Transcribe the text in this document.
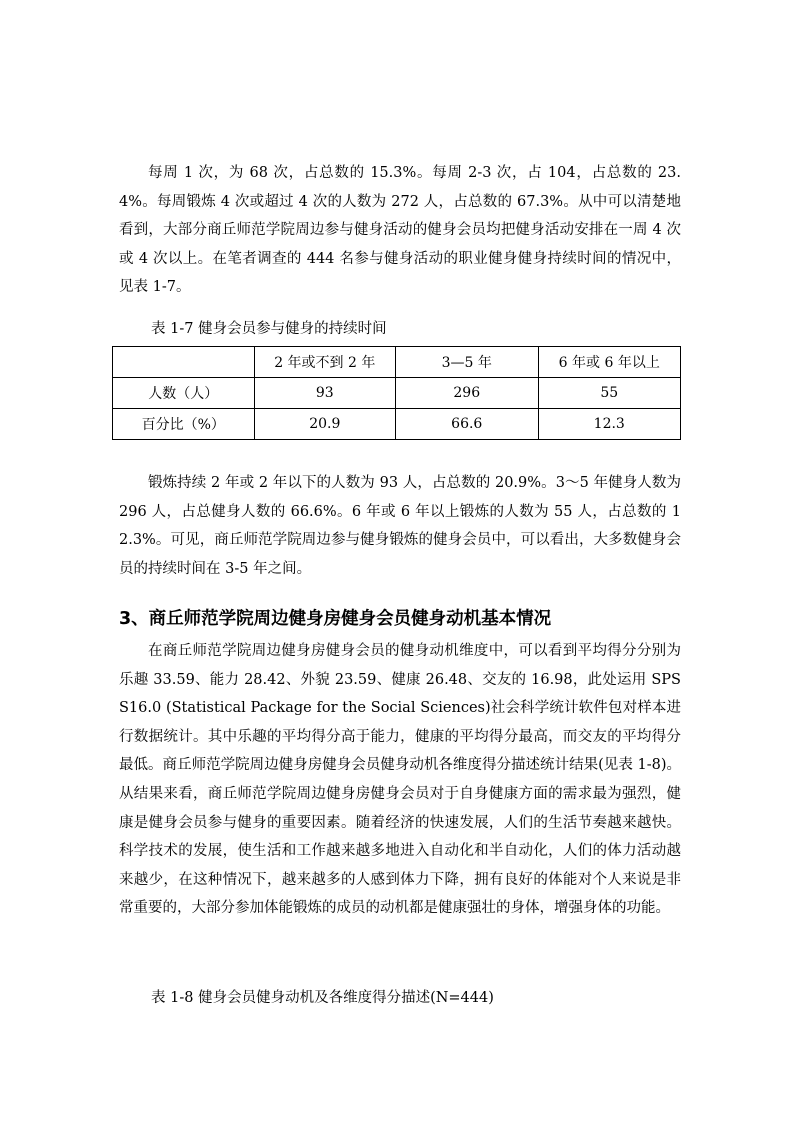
每周 1 次，为 68 次，占总数的 15.3%。每周 2-3 次，占 104，占总数的 23.4%。每周锻炼 4 次或超过 4 次的人数为 272 人，占总数的 67.3%。从中可以清楚地看到，大部分商丘师范学院周边参与健身活动的健身会员均把健身活动安排在一周 4 次或 4 次以上。在笔者调查的 444 名参与健身活动的职业健身健身持续时间的情况中，见表 1-7。

表 1-7 健身会员参与健身的持续时间
	2 年或不到 2 年	3—5 年	6 年或 6 年以上
人数（人）	93	296	55
百分比（%）	20.9	66.6	12.3

锻炼持续 2 年或 2 年以下的人数为 93 人，占总数的 20.9%。3～5 年健身人数为 296 人，占总健身人数的 66.6%。6 年或 6 年以上锻炼的人数为 55 人，占总数的 12.3%。可见，商丘师范学院周边参与健身锻炼的健身会员中，可以看出，大多数健身会员的持续时间在 3-5 年之间。

3、商丘师范学院周边健身房健身会员健身动机基本情况

在商丘师范学院周边健身房健身会员的健身动机维度中，可以看到平均得分分别为乐趣 33.59、能力 28.42、外貌 23.59、健康 26.48、交友的 16.98，此处运用 SPSS16.0 (Statistical Package for the Social Sciences)社会科学统计软件包对样本进行数据统计。其中乐趣的平均得分高于能力，健康的平均得分最高，而交友的平均得分最低。商丘师范学院周边健身房健身会员健身动机各维度得分描述统计结果(见表 1-8)。从结果来看，商丘师范学院周边健身房健身会员对于自身健康方面的需求最为强烈，健康是健身会员参与健身的重要因素。随着经济的快速发展，人们的生活节奏越来越快。科学技术的发展，使生活和工作越来越多地进入自动化和半自动化，人们的体力活动越来越少，在这种情况下，越来越多的人感到体力下降，拥有良好的体能对个人来说是非常重要的，大部分参加体能锻炼的成员的动机都是健康强壮的身体，增强身体的功能。

表 1-8 健身会员健身动机及各维度得分描述(N=444)
